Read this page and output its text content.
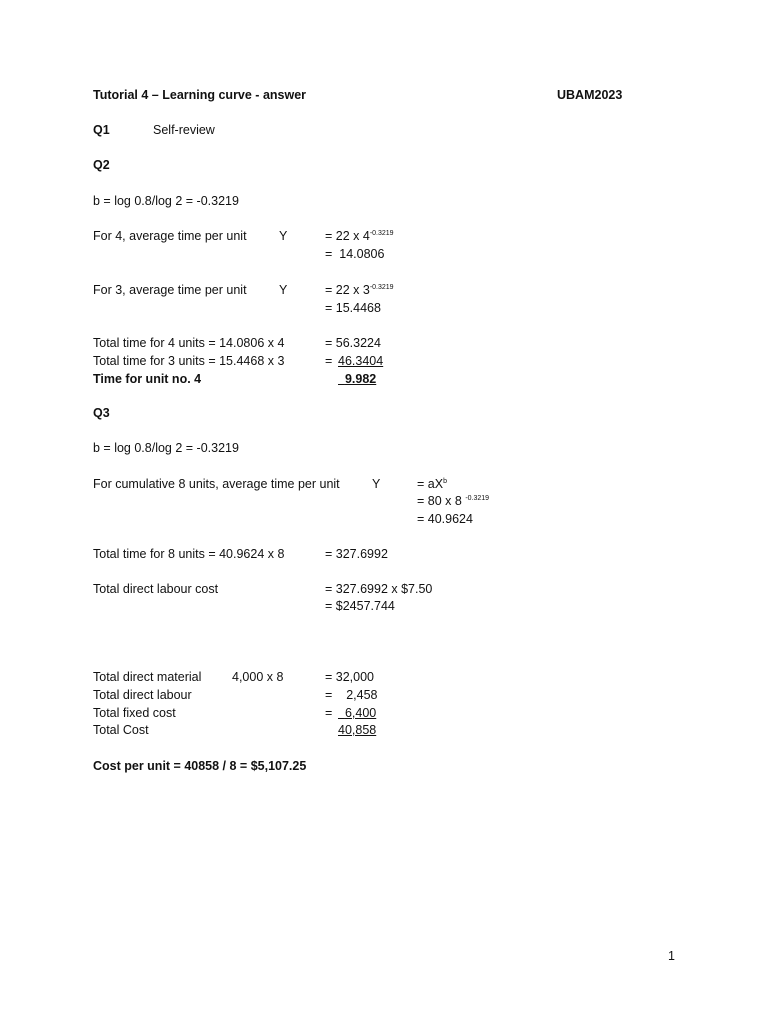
Tutorial 4 – Learning curve - answer	UBAM2023
Q1	Self-review
Q2
b = log 0.8/log 2 = -0.3219
For 4, average time per unit	Y	= 22 x $4^{-0.3219}$
=  14.0806
For 3, average time per unit	Y	= 22 x $3^{-0.3219}$
= 15.4468
Total time for 4 units = 14.0806 x 4	= 56.3224
Total time for 3 units = 15.4468 x 3	= 46.3404
Time for unit no. 4	9.982
Q3
b = log 0.8/log 2 = -0.3219
For cumulative 8 units, average time per unit	Y	= $aX^b$
= 80 x 8 $^{-0.3219}$
= 40.9624
Total time for 8 units = 40.9624 x 8	= 327.6992
Total direct labour cost	= 327.6992 x $7.50
= $2457.744
Total direct material 4,000 x 8	= 32,000
Total direct labour	=    2,458
Total fixed cost	=	6,400
Total Cost	40,858
Cost per unit = 40858 / 8 = $5,107.25
1
